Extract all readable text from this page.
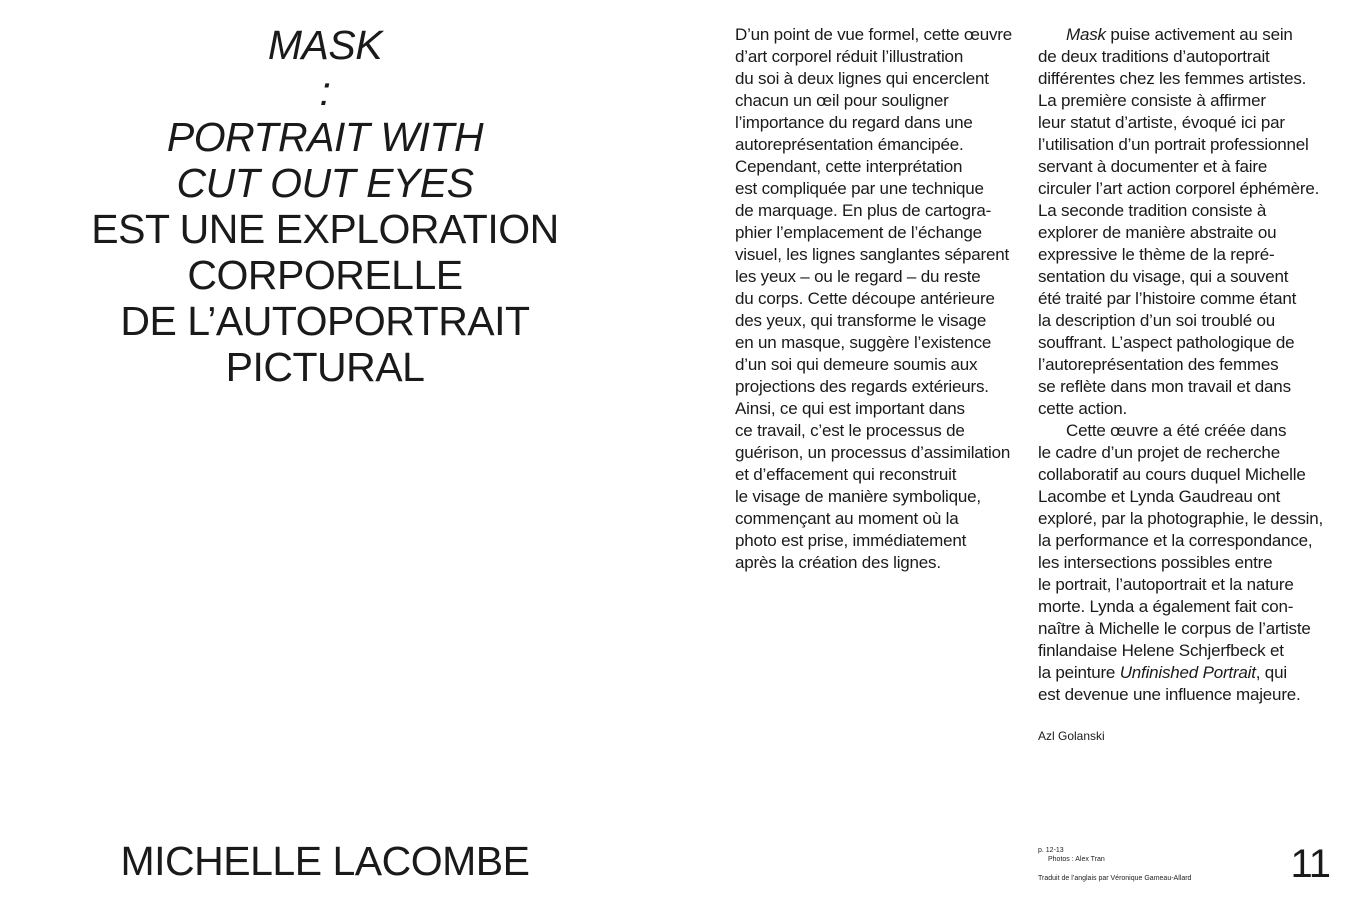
MASK
:
PORTRAIT WITH
CUT OUT EYES
EST UNE EXPLORATION
CORPORELLE
DE L’AUTOPORTRAIT
PICTURAL
MICHELLE LACOMBE
D’un point de vue formel, cette œuvre
d’art corporel réduit l’illustration
du soi à deux lignes qui encerclent
chacun un œil pour souligner
l’importance du regard dans une
autoreprésentation émancipée.
Cependant, cette interprétation
est compliquée par une technique
de marquage. En plus de cartogra-
phier l’emplacement de l’échange
visuel, les lignes sanglantes séparent
les yeux – ou le regard – du reste
du corps. Cette découpe antérieure
des yeux, qui transforme le visage
en un masque, suggère l’existence
d’un soi qui demeure soumis aux
projections des regards extérieurs.
Ainsi, ce qui est important dans
ce travail, c’est le processus de
guérison, un processus d’assimilation
et d’effacement qui reconstruit
le visage de manière symbolique,
commençant au moment où la
photo est prise, immédiatement
après la création des lignes.
Mask puise activement au sein
de deux traditions d’autoportrait
différentes chez les femmes artistes.
La première consiste à affirmer
leur statut d’artiste, évoqué ici par
l’utilisation d’un portrait professionnel
servant à documenter et à faire
circuler l’art action corporel éphémère.
La seconde tradition consiste à
explorer de manière abstraite ou
expressive le thème de la repré-
sentation du visage, qui a souvent
été traité par l’histoire comme étant
la description d’un soi troublé ou
souffrant. L’aspect pathologique de
l’autoreprésentation des femmes
se reflète dans mon travail et dans
cette action.
Cette œuvre a été créée dans
le cadre d’un projet de recherche
collaboratif au cours duquel Michelle
Lacombe et Lynda Gaudreau ont
exploré, par la photographie, le dessin,
la performance et la correspondance,
les intersections possibles entre
le portrait, l’autoportrait et la nature
morte. Lynda a également fait con-
naître à Michelle le corpus de l’artiste
finlandaise Helene Schjerfbeck et
la peinture Unfinished Portrait, qui
est devenue une influence majeure.
Azl Golanski
p. 12-13
Photos : Alex Tran
Traduit de l’anglais par Véronique Gameau-Allard 11
